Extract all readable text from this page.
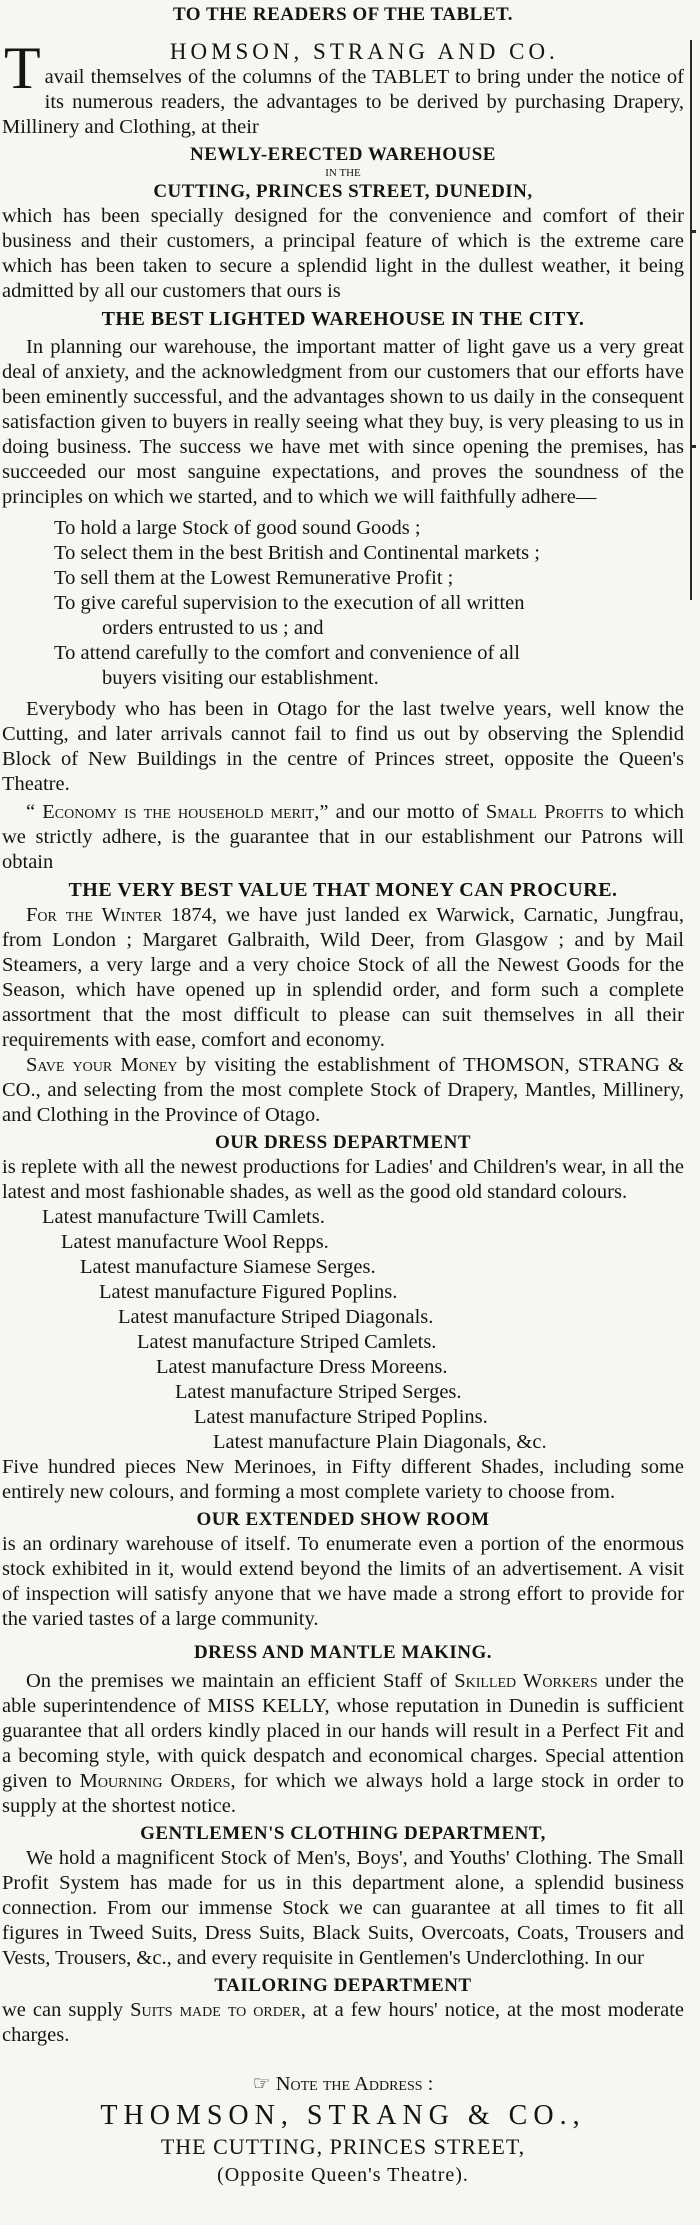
TO THE READERS OF THE TABLET.
T	HOMSON, STRANG AND CO.

avail themselves of the columns of the TABLET to bring under the notice of its numerous readers, the advantages to be derived by purchasing Drapery, Millinery and Clothing, at their

NEWLY-ERECTED WAREHOUSE
IN THE
CUTTING, PRINCES STREET, DUNEDIN,

which has been specially designed for the convenience and comfort of their business and their customers, a principal feature of which is the extreme care which has been taken to secure a splendid light in the dullest weather, it being admitted by all our customers that ours is

THE BEST LIGHTED WAREHOUSE IN THE CITY.

In planning our warehouse, the important matter of light gave us a very great deal of anxiety, and the acknowledgment from our customers that our efforts have been eminently successful, and the advantages shown to us daily in the consequent satisfaction given to buyers in really seeing what they buy, is very pleasing to us in doing business. The success we have met with since opening the premises, has succeeded our most sanguine expectations, and proves the soundness of the principles on which we started, and to which we will faithfully adhere—

To hold a large Stock of good sound Goods ;
To select them in the best British and Continental markets ;
To sell them at the Lowest Remunerative Profit ;
To give careful supervision to the execution of all written
orders entrusted to us ; and
To attend carefully to the comfort and convenience of all
buyers visiting our establishment.

Everybody who has been in Otago for the last twelve years, well know the Cutting, and later arrivals cannot fail to find us out by observing the Splendid Block of New Buildings in the centre of Princes street, opposite the Queen's Theatre.

“ Economy is the household merit,” and our motto of Small Profits to which we strictly adhere, is the guarantee that in our establishment our Patrons will obtain

THE VERY BEST VALUE THAT MONEY CAN PROCURE.

For the Winter 1874, we have just landed ex Warwick, Carnatic, Jungfrau, from London ; Margaret Galbraith, Wild Deer, from Glasgow ; and by Mail Steamers, a very large and a very choice Stock of all the Newest Goods for the Season, which have opened up in splendid order, and form such a complete assortment that the most difficult to please can suit themselves in all their requirements with ease, comfort and economy.

Save your Money by visiting the establishment of THOMSON, STRANG & CO., and selecting from the most complete Stock of Drapery, Mantles, Millinery, and Clothing in the Province of Otago.

OUR DRESS DEPARTMENT

is replete with all the newest productions for Ladies' and Children's wear, in all the latest and most fashionable shades, as well as the good old standard colours.

Latest manufacture Twill Camlets.
Latest manufacture Wool Repps.
Latest manufacture Siamese Serges.
Latest manufacture Figured Poplins.
Latest manufacture Striped Diagonals.
Latest manufacture Striped Camlets.
Latest manufacture Dress Moreens.
Latest manufacture Striped Serges.
Latest manufacture Striped Poplins.
Latest manufacture Plain Diagonals, &c.

Five hundred pieces New Merinoes, in Fifty different Shades, including some entirely new colours, and forming a most complete variety to choose from.

OUR EXTENDED SHOW ROOM

is an ordinary warehouse of itself. To enumerate even a portion of the enormous stock exhibited in it, would extend beyond the limits of an advertisement. A visit of inspection will satisfy anyone that we have made a strong effort to provide for the varied tastes of a large community.

DRESS AND MANTLE MAKING.

On the premises we maintain an efficient Staff of Skilled Workers under the able superintendence of MISS KELLY, whose reputation in Dunedin is sufficient guarantee that all orders kindly placed in our hands will result in a Perfect Fit and a becoming style, with quick despatch and economical charges. Special attention given to Mourning Orders, for which we always hold a large stock in order to supply at the shortest notice.

GENTLEMEN'S CLOTHING DEPARTMENT,

We hold a magnificent Stock of Men's, Boys', and Youths' Clothing. The Small Profit System has made for us in this department alone, a splendid business connection. From our immense Stock we can guarantee at all times to fit all figures in Tweed Suits, Dress Suits, Black Suits, Overcoats, Coats, Trousers and Vests, Trousers, &c., and every requisite in Gentlemen's Underclothing. In our

TAILORING DEPARTMENT

we can supply Suits made to order, at a few hours' notice, at the most moderate charges.

☞ Note the Address :
THOMSON, STRANG & CO.,
THE CUTTING, PRINCES STREET,
(Opposite Queen's Theatre).
